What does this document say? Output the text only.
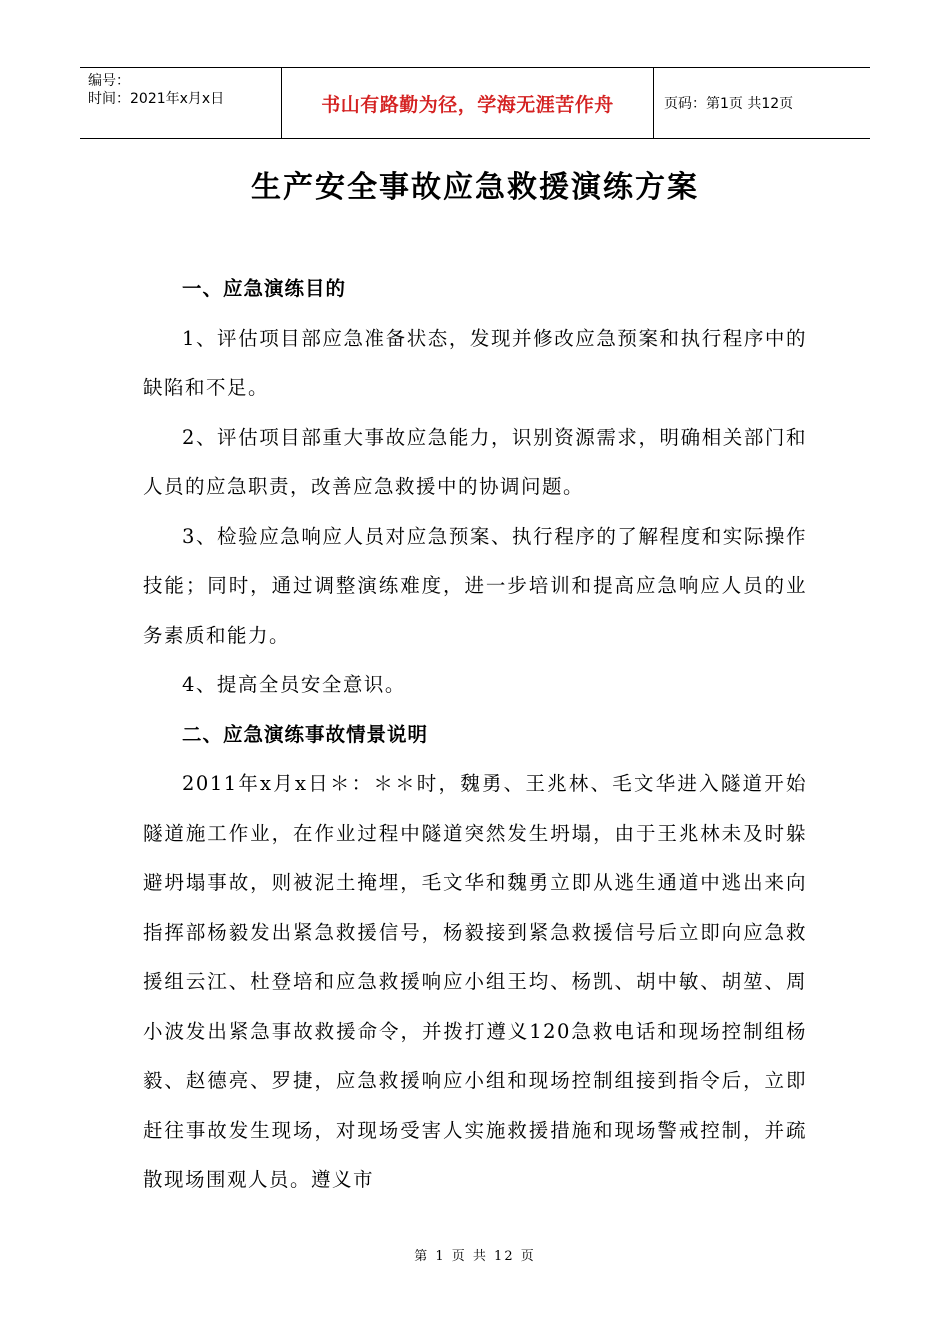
编号：
时间：2021年x月x日	书山有路勤为径，学海无涯苦作舟	页码：第1页 共12页
生产安全事故应急救援演练方案

一、应急演练目的

1、评估项目部应急准备状态，发现并修改应急预案和执行程序中的缺陷和不足。

2、评估项目部重大事故应急能力，识别资源需求，明确相关部门和人员的应急职责，改善应急救援中的协调问题。

3、检验应急响应人员对应急预案、执行程序的了解程度和实际操作技能；同时，通过调整演练难度，进一步培训和提高应急响应人员的业务素质和能力。

4、提高全员安全意识。

二、应急演练事故情景说明

2011年x月x日＊：＊＊时，魏勇、王兆林、毛文华进入隧道开始隧道施工作业，在作业过程中隧道突然发生坍塌，由于王兆林未及时躲避坍塌事故，则被泥土掩埋，毛文华和魏勇立即从逃生通道中逃出来向指挥部杨毅发出紧急救援信号，杨毅接到紧急救援信号后立即向应急救援组云江、杜登培和应急救援响应小组王均、杨凯、胡中敏、胡堃、周小波发出紧急事故救援命令，并拨打遵义120急救电话和现场控制组杨毅、赵德亮、罗捷，应急救援响应小组和现场控制组接到指令后，立即赶往事故发生现场，对现场受害人实施救援措施和现场警戒控制，并疏散现场围观人员。遵义市

第 1 页 共 12 页
